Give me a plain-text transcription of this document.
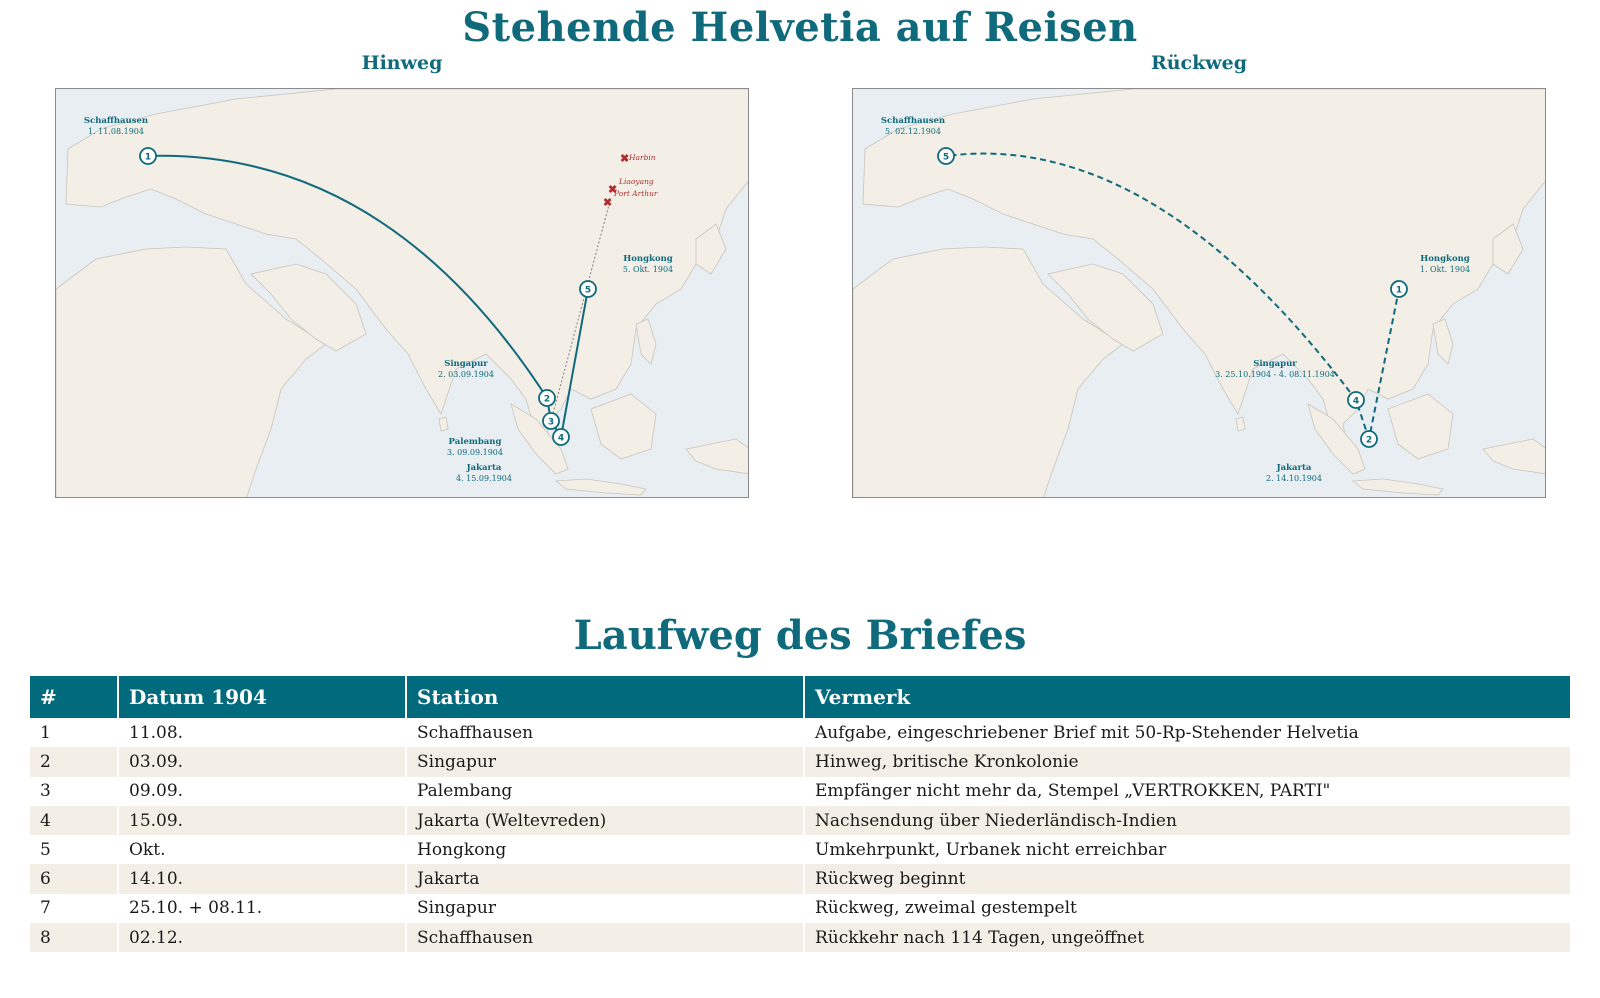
Stehende Helvetia auf Reisen
Hinweg
✖
✖
✖
Harbin
Liaoyang
Port Arthur
1
2
3
4
5
Schaffhausen
1. 11.08.1904
Singapur
2. 03.09.1904
Palembang
3. 09.09.1904
Jakarta
4. 15.09.1904
Hongkong
5. Okt. 1904
Rückweg
1
2
4
5
Schaffhausen
5. 02.12.1904
Hongkong
1. Okt. 1904
Singapur
3. 25.10.1904 - 4. 08.11.1904
Jakarta
2. 14.10.1904
Laufweg des Briefes
#	Datum 1904	Station	Vermerk
1	11.08.	Schaffhausen	Aufgabe, eingeschriebener Brief mit 50-Rp-Stehender Helvetia
2	03.09.	Singapur	Hinweg, britische Kronkolonie
3	09.09.	Palembang	Empfänger nicht mehr da, Stempel „VERTROKKEN, PARTI"
4	15.09.	Jakarta (Weltevreden)	Nachsendung über Niederländisch-Indien
5	Okt.	Hongkong	Umkehrpunkt, Urbanek nicht erreichbar
6	14.10.	Jakarta	Rückweg beginnt
7	25.10. + 08.11.	Singapur	Rückweg, zweimal gestempelt
8	02.12.	Schaffhausen	Rückkehr nach 114 Tagen, ungeöffnet
